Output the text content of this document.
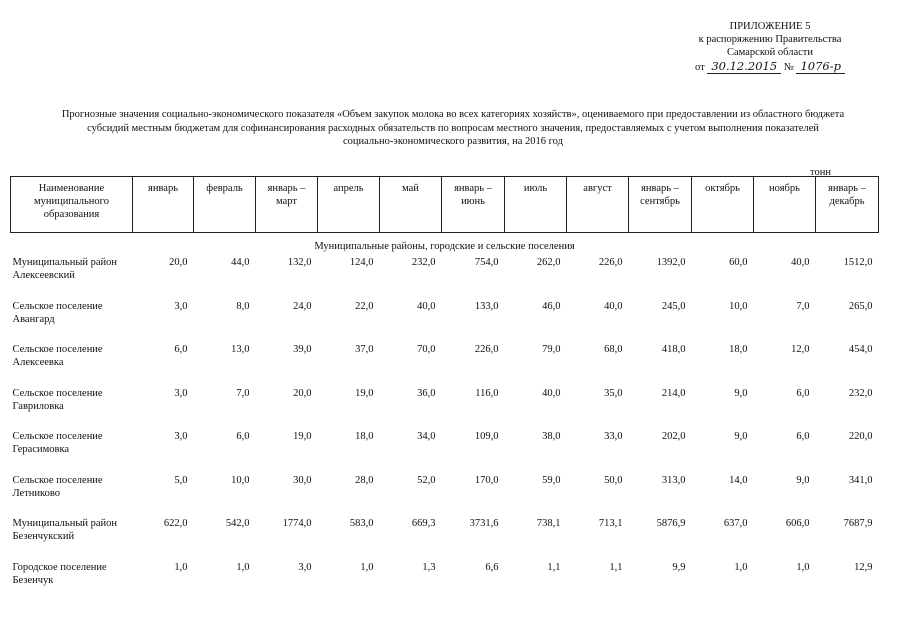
ПРИЛОЖЕНИЕ 5
к распоряжению Правительства
Самарской области
от 30.12.2015 № 1076-р
Прогнозные значения социально-экономического показателя «Объем закупок молока во всех категориях хозяйств», оцениваемого при предоставлении из областного бюджета
субсидий местным бюджетам для софинансирования расходных обязательств по вопросам местного значения, предоставляемых с учетом выполнения показателей
социально-экономического развития, на 2016 год
тонн
Наименование муниципального образования	январь	февраль	январь – март	апрель	май	январь – июнь	июль	август	январь – сентябрь	октябрь	ноябрь	январь – декабрь
Муниципальные районы, городские и сельские поселения												
Муниципальный район Алексеевский	20,0	44,0	132,0	124,0	232,0	754,0	262,0	226,0	1392,0	60,0	40,0	1512,0
Сельское поселение Авангард	3,0	8,0	24,0	22,0	40,0	133,0	46,0	40,0	245,0	10,0	7,0	265,0
Сельское поселение Алексеевка	6,0	13,0	39,0	37,0	70,0	226,0	79,0	68,0	418,0	18,0	12,0	454,0
Сельское поселение Гавриловка	3,0	7,0	20,0	19,0	36,0	116,0	40,0	35,0	214,0	9,0	6,0	232,0
Сельское поселение Герасимовка	3,0	6,0	19,0	18,0	34,0	109,0	38,0	33,0	202,0	9,0	6,0	220,0
Сельское поселение Летниково	5,0	10,0	30,0	28,0	52,0	170,0	59,0	50,0	313,0	14,0	9,0	341,0
Муниципальный район Безенчукский	622,0	542,0	1774,0	583,0	669,3	3731,6	738,1	713,1	5876,9	637,0	606,0	7687,9
Городское поселение Безенчук	1,0	1,0	3,0	1,0	1,3	6,6	1,1	1,1	9,9	1,0	1,0	12,9
